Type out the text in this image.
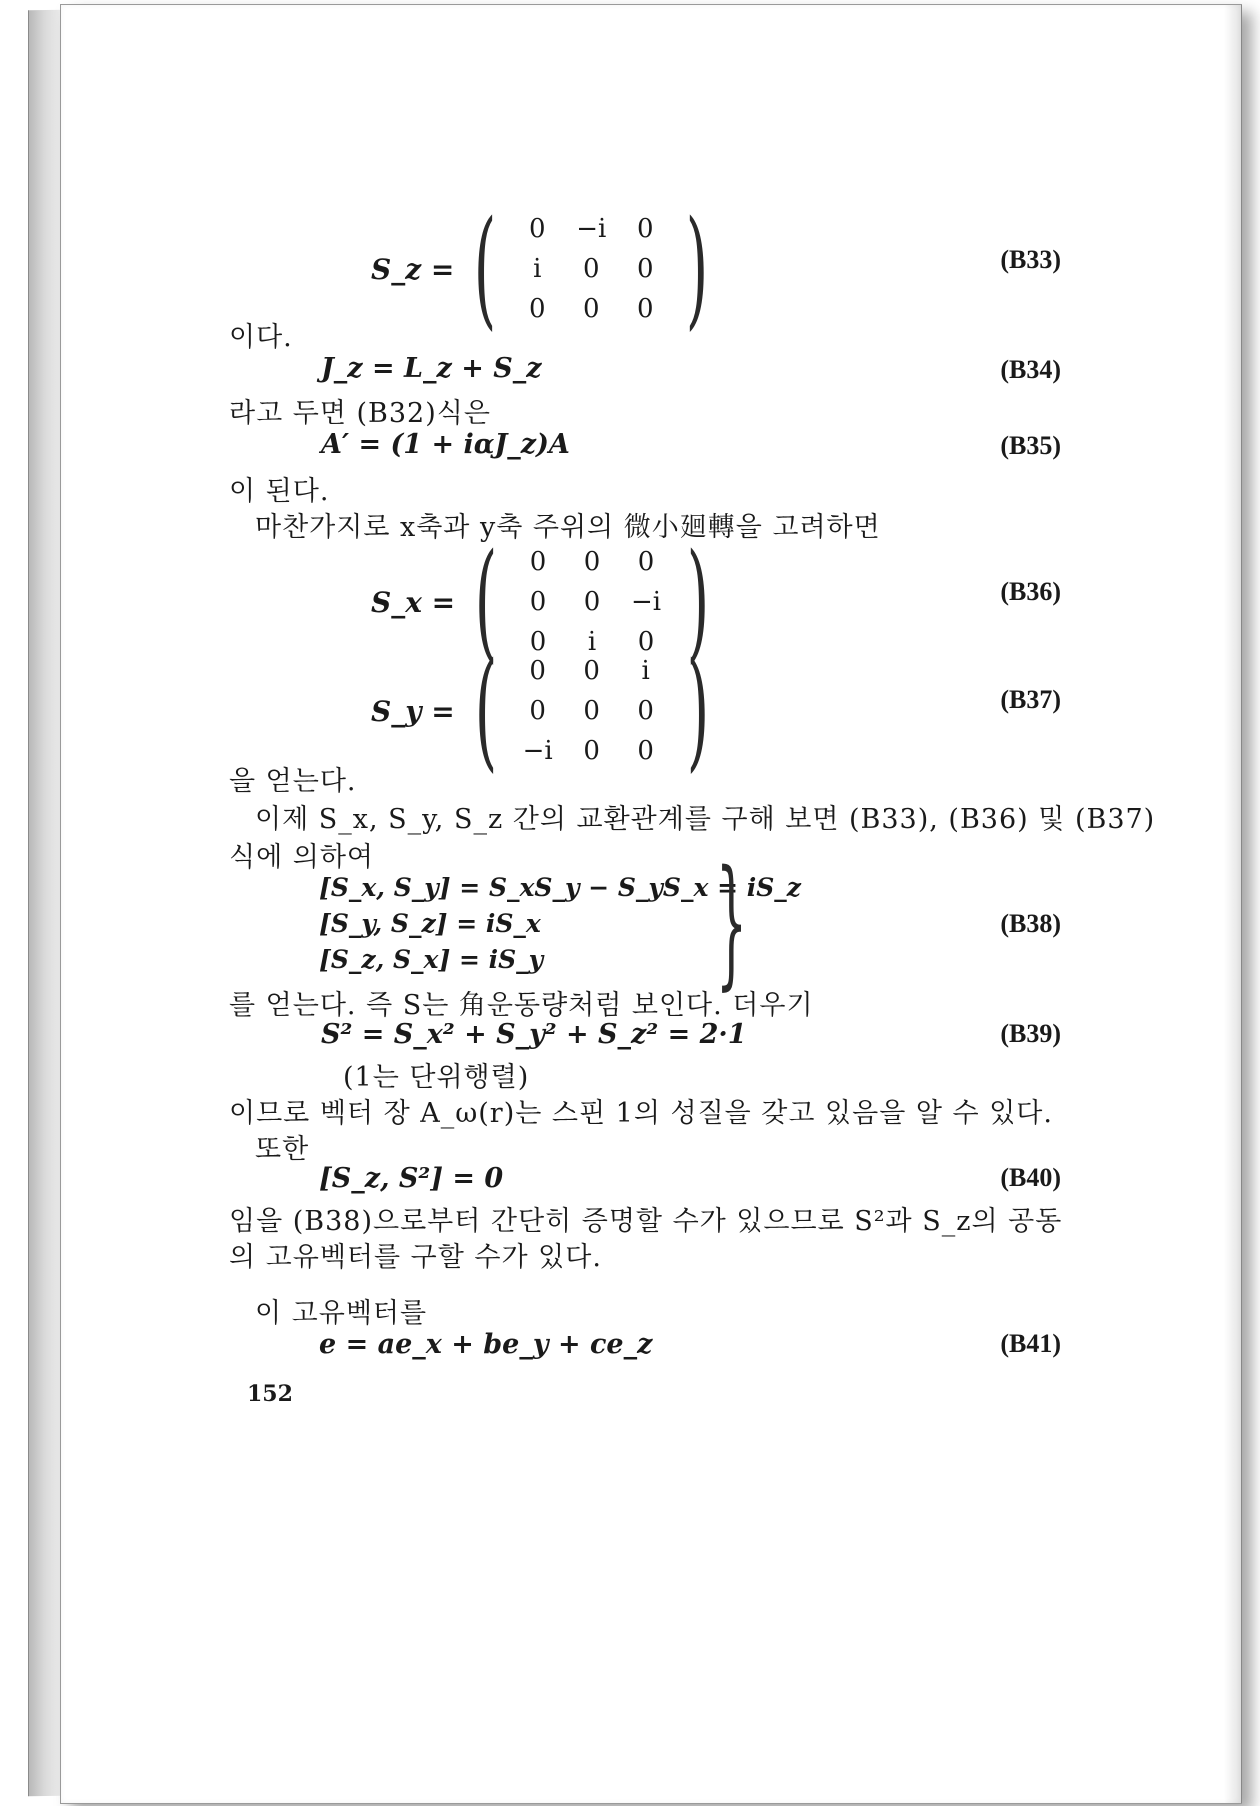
S_z = (	0	−i	0
i	0	0
0	0	0 )	(B33)
이다.
J_z = L_z + S_z	(B34)
라고 두면 (B32)식은
A′ = (1 + iαJ_z)A	(B35)
이 된다.
마찬가지로 x축과 y축 주위의 微小廻轉을 고려하면
S_x = (	0	0	0
0	0	−i
0	i	0 )	(B36)
S_y = (	0	0	i
0	0	0
−i	0	0 )	(B37)
을 얻는다.
이제 S_x, S_y, S_z 간의 교환관계를 구해 보면 (B33), (B36) 및 (B37)
식에 의하여
[S_x, S_y] = S_xS_y − S_yS_x = iS_z
[S_y, S_z] = iS_x
[S_z, S_x] = iS_y }	(B38)
를 얻는다. 즉 S는 角운동량처럼 보인다. 더우기
S² = S_x² + S_y² + S_z² = 2·1	(B39)
(1는 단위행렬)
이므로 벡터 장 A_ω(r)는 스핀 1의 성질을 갖고 있음을 알 수 있다.
또한
[S_z, S²] = 0	(B40)
임을 (B38)으로부터 간단히 증명할 수가 있으므로 S²과 S_z의 공동
의 고유벡터를 구할 수가 있다.
이 고유벡터를
e = ae_x + be_y + ce_z	(B41)
152
